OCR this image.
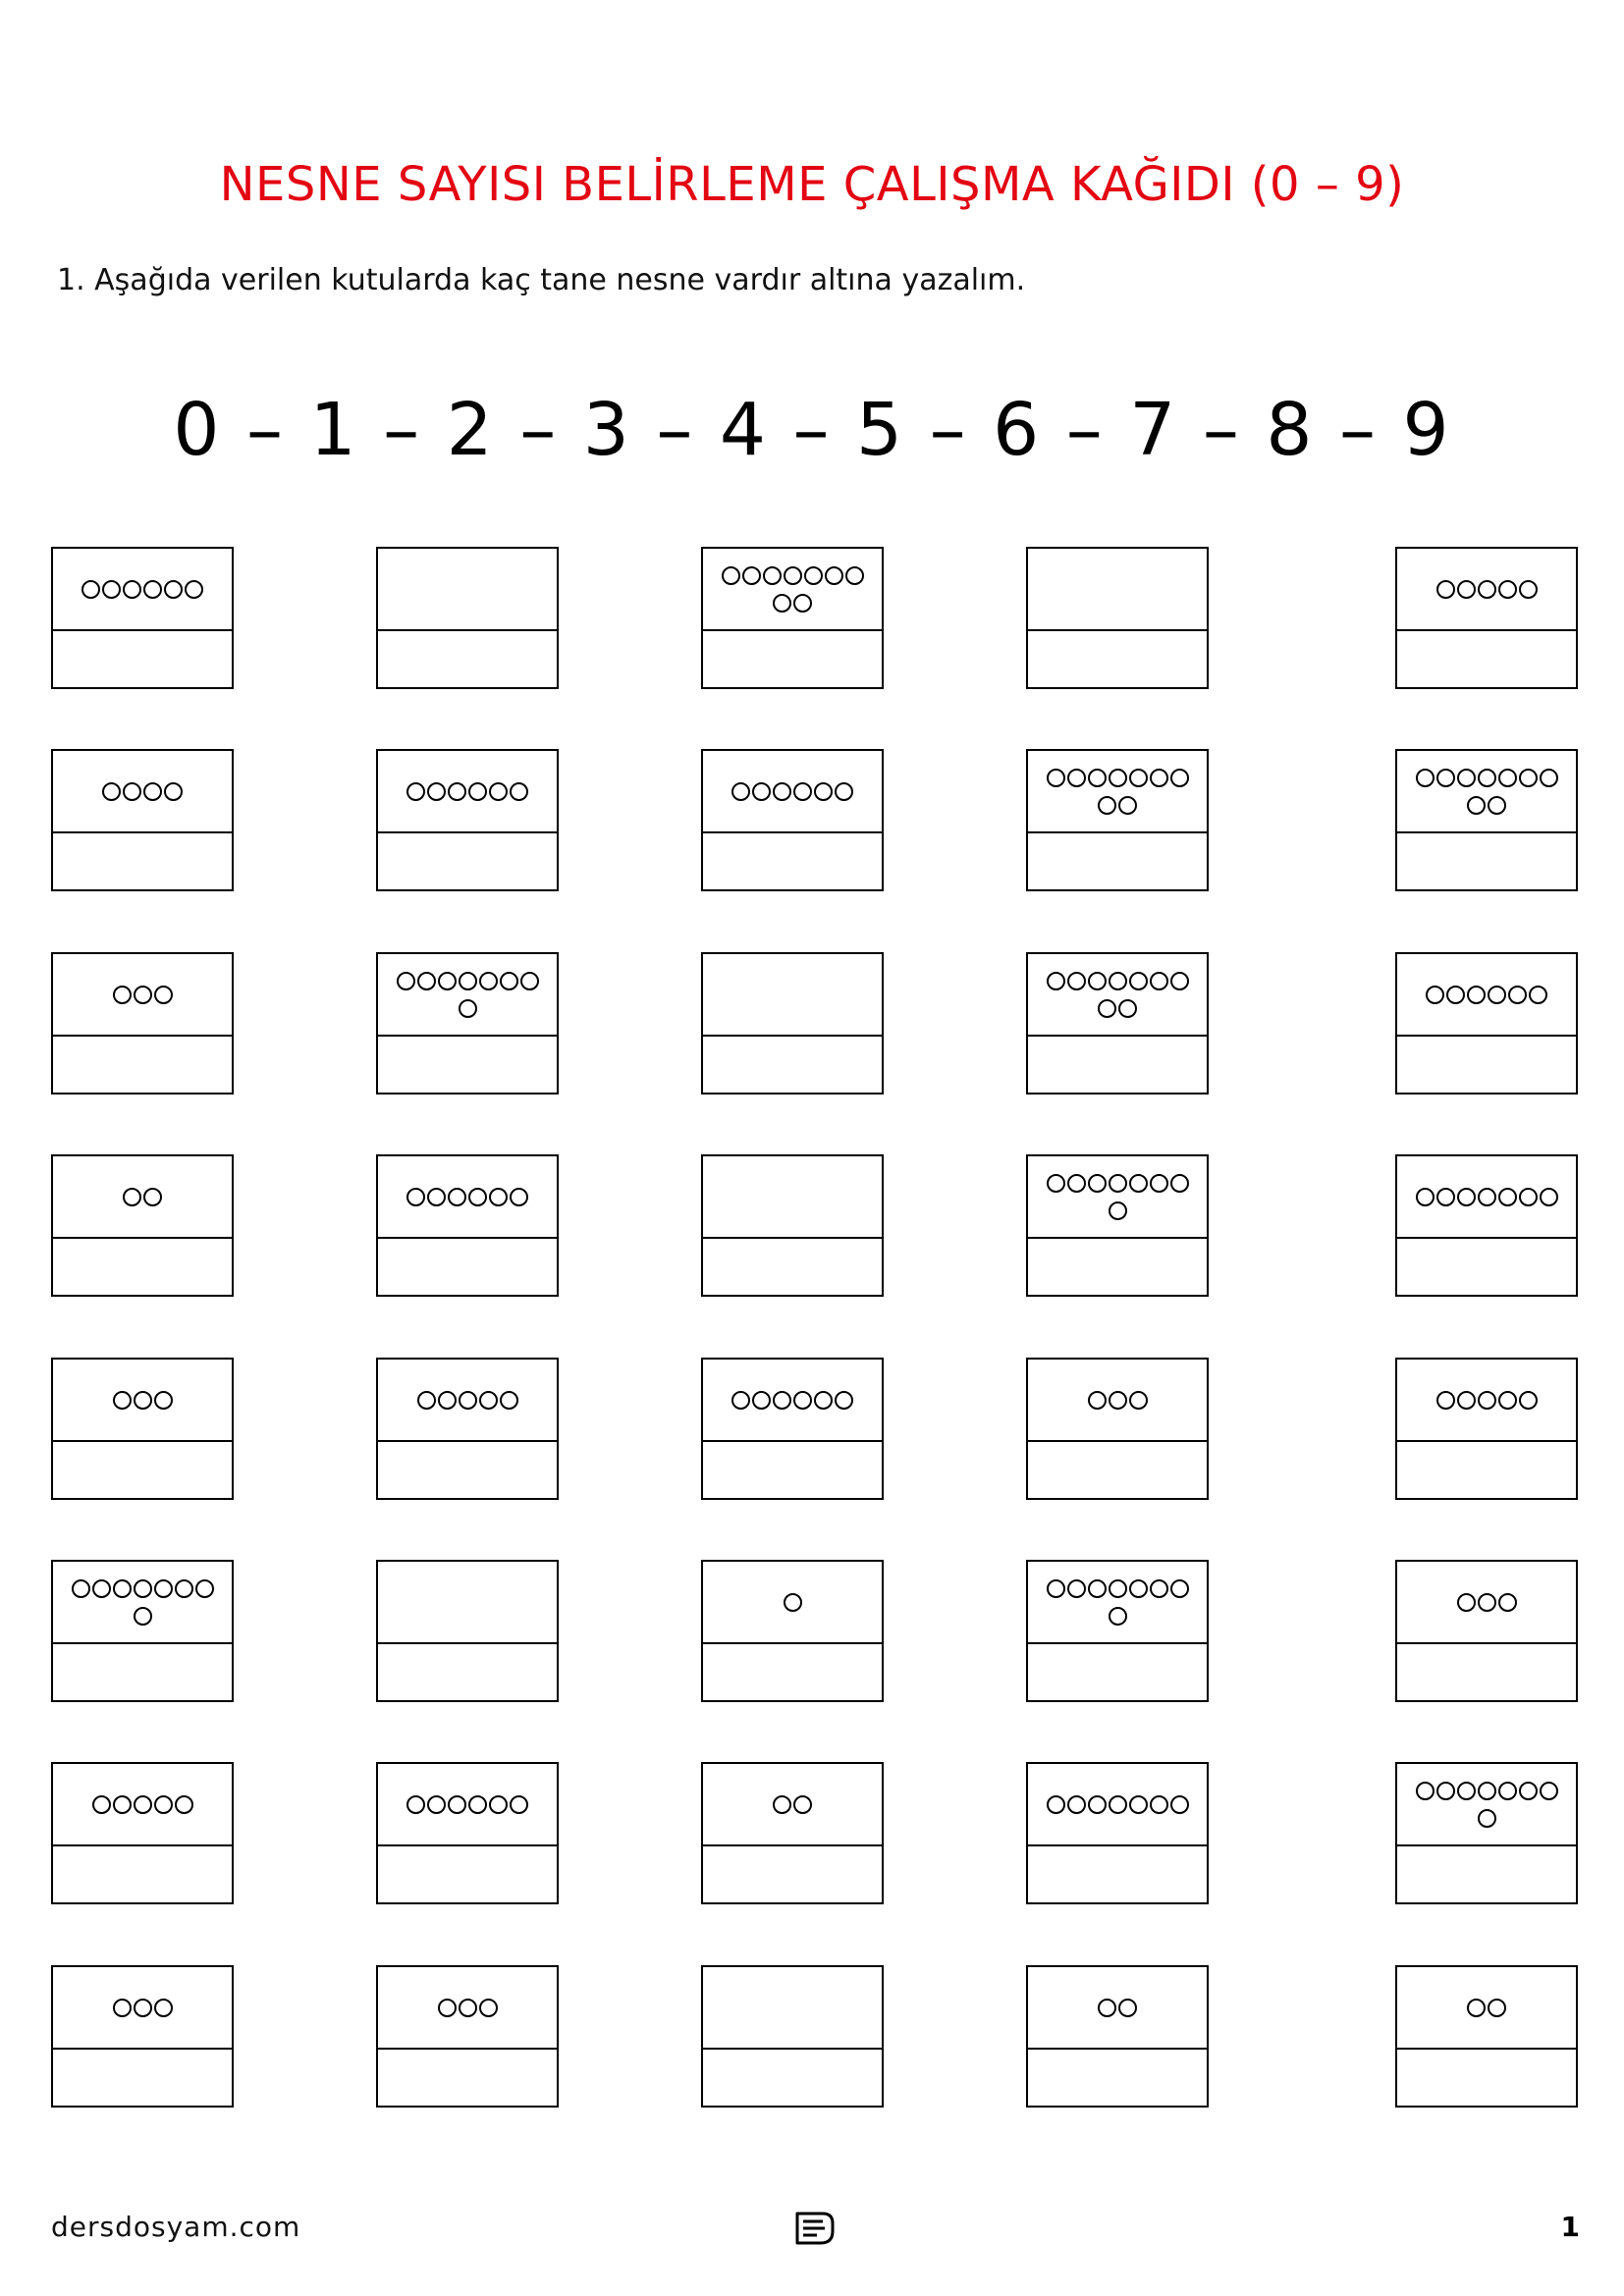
NESNE SAYISI BELİRLEME ÇALIŞMA KAĞIDI (0 – 9)
1. Aşağıda verilen kutularda kaç tane nesne vardır altına yazalım.
0 – 1 – 2 – 3 – 4 – 5 – 6 – 7 – 8 – 9
dersdosyam.com	1
